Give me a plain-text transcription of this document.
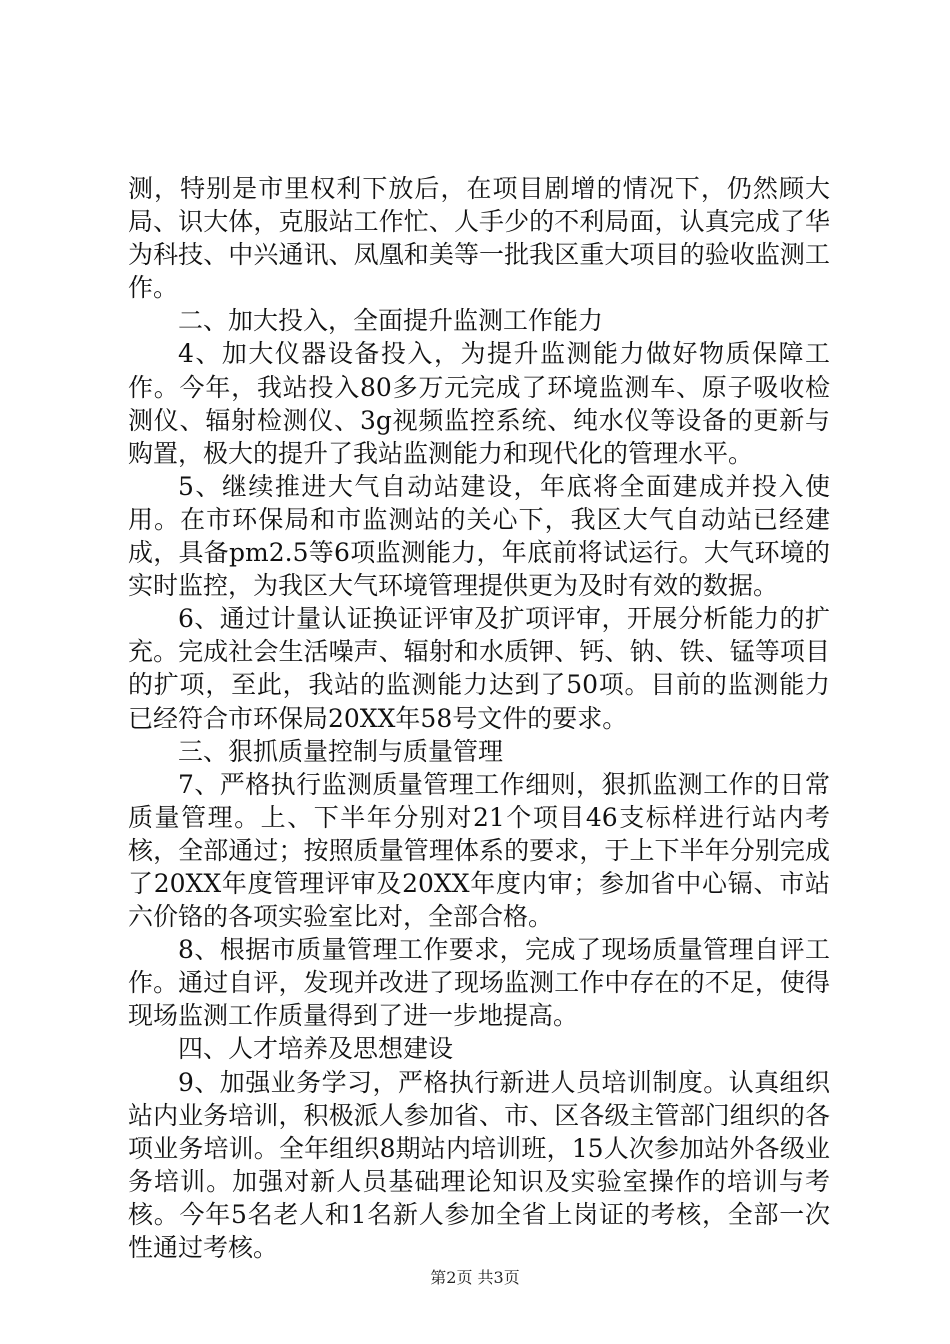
测，特别是市里权利下放后，在项目剧增的情况下，仍然顾大局、识大体，克服站工作忙、人手少的不利局面，认真完成了华为科技、中兴通讯、凤凰和美等一批我区重大项目的验收监测工作。

二、加大投入，全面提升监测工作能力

4、加大仪器设备投入，为提升监测能力做好物质保障工作。今年，我站投入80多万元完成了环境监测车、原子吸收检测仪、辐射检测仪、3g视频监控系统、纯水仪等设备的更新与购置，极大的提升了我站监测能力和现代化的管理水平。

5、继续推进大气自动站建设，年底将全面建成并投入使用。在市环保局和市监测站的关心下，我区大气自动站已经建成，具备pm2.5等6项监测能力，年底前将试运行。大气环境的实时监控，为我区大气环境管理提供更为及时有效的数据。

6、通过计量认证换证评审及扩项评审，开展分析能力的扩充。完成社会生活噪声、辐射和水质钾、钙、钠、铁、锰等项目的扩项，至此，我站的监测能力达到了50项。目前的监测能力已经符合市环保局20XX年58号文件的要求。

三、狠抓质量控制与质量管理

7、严格执行监测质量管理工作细则，狠抓监测工作的日常质量管理。上、下半年分别对21个项目46支标样进行站内考核，全部通过；按照质量管理体系的要求，于上下半年分别完成了20XX年度管理评审及20XX年度内审；参加省中心镉、市站六价铬的各项实验室比对，全部合格。

8、根据市质量管理工作要求，完成了现场质量管理自评工作。通过自评，发现并改进了现场监测工作中存在的不足，使得现场监测工作质量得到了进一步地提高。

四、人才培养及思想建设

9、加强业务学习，严格执行新进人员培训制度。认真组织站内业务培训，积极派人参加省、市、区各级主管部门组织的各项业务培训。全年组织8期站内培训班，15人次参加站外各级业务培训。加强对新人员基础理论知识及实验室操作的培训与考核。今年5名老人和1名新人参加全省上岗证的考核，全部一次性通过考核。

第2页 共3页
